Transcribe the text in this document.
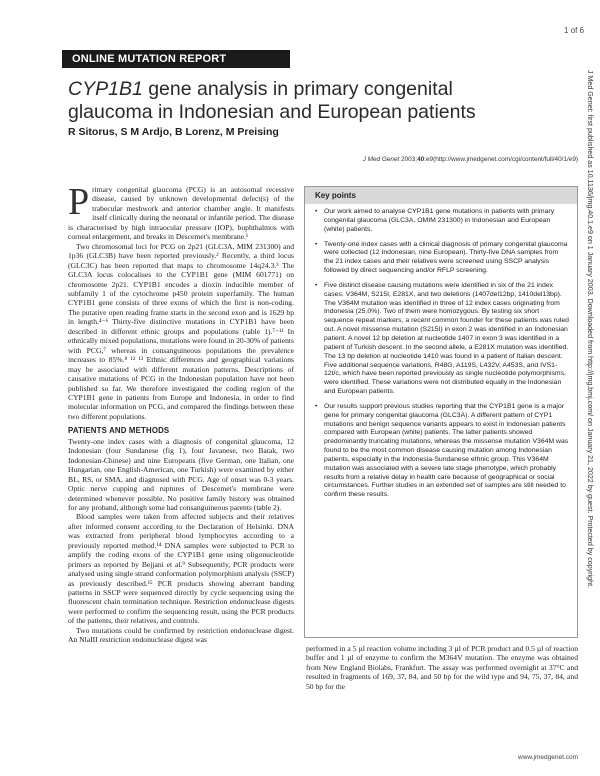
1 of 6
ONLINE MUTATION REPORT
CYP1B1 gene analysis in primary congenital glaucoma in Indonesian and European patients
R Sitorus, S M Ardjo, B Lorenz, M Preising
J Med Genet 2003;40:e9(http://www.jmedgenet.com/cgi/content/full/40/1/e9) J Med Genet: first published as 10.1136/jmg.40.1.e9 on 1 January 2003. Downloaded from http://jmg.bmj.com/ on January 21, 2022 by guest. Protected by copyright.

Primary congenital glaucoma (PCG) is an autosomal recessive disease, caused by unknown developmental defect(s) of the trabecular meshwork and anterior chamber angle. It manifests itself clinically during the neonatal or infantile period. The disease is characterised by high intraocular pressure (IOP), buphthalmos with corneal enlargement, and breaks in Descemet's membrane.¹

Two chromosomal loci for PCG on 2p21 (GLC3A, MIM 231300) and 1p36 (GLC3B) have been reported previously.² Recently, a third locus (GLC3C) has been reported that maps to chromosome 14q24.3.³ The GLC3A locus colocalises to the CYP1B1 gene (MIM 601771) on chromosome 2p21. CYP1B1 encodes a dioxin inducible member of subfamily 1 of the cytochrome p450 protein superfamily. The human CYP1B1 gene consists of three exons of which the first is non-coding. The putative open reading frame starts in the second exon and is 1629 bp in length.⁴⁻⁶ Thirty-five distinctive mutations in CYP1B1 have been described in different ethnic groups and populations (table 1).⁷⁻¹¹ In ethnically mixed populations, mutations were found in 20-30% of patients with PCG,⁷ whereas in consanguineous populations the prevalence increases to 85%.⁸ ¹² ¹³ Ethnic differences and geographical variations may be associated with different mutation patterns. Descriptions of causative mutations of PCG in the Indonesian population have not been published so far. We therefore investigated the coding region of the CYP1B1 gene in patients from Europe and Indonesia, in order to find molecular information on PCG, and compared the findings between these two different populations.

PATIENTS AND METHODS

Twenty-one index cases with a diagnosis of congenital glaucoma, 12 Indonesian (four Sundanese (fig 1), four Javanese, two Batak, two Indonesian-Chinese) and nine Europeans (five German, one Italian, one Hungarian, one English-American, one Turkish) were examined by either BL, RS, or SMA, and diagnosed with PCG. Age of onset was 0-3 years. Optic nerve cupping and ruptures of Descemet's membrane were determined whenever possible. No positive family history was obtained for any proband, although some had consanguineous parents (table 2).

Blood samples were taken from affected subjects and their relatives after informed consent according to the Declaration of Helsinki. DNA was extracted from peripheral blood lymphocytes according to a previously reported method.¹⁴ DNA samples were subjected to PCR to amplify the coding exons of the CYP1B1 gene using oligonucleotide primers as reported by Bejjani et al.⁹ Subsequently, PCR products were analysed using single strand conformation polymorphism analysis (SSCP) as previously described.¹⁵ PCR products showing aberrant banding patterns in SSCP were sequenced directly by cycle sequencing using the fluorescent chain termination technique. Restriction endonuclease digests were performed to confirm the sequencing result, using the PCR products of the patients, their relatives, and controls.

Two mutations could be confirmed by restriction endonuclease digest. An NlaIII restriction endonuclease digest was

Key points
• Our work aimed to analyse CYP1B1 gene mutations in patients with primary congenital glaucoma (GLC3A, OMIM 231300) in Indonesian and European (white) patients.
• Twenty-one index cases with a clinical diagnosis of primary congenital glaucoma were collected (12 Indonesian, nine European). Thirty-five DNA samples from the 21 index cases and their relatives were screened using SSCP analysis followed by direct sequencing and/or RFLP screening.
• Five distinct disease causing mutations were identified in six of the 21 index cases: V364M, S215I, E281X, and two deletions (1407del12bp, 1410del13bp). The V364M mutation was identified in three of 12 index cases originating from Indonesia (25.0%). Two of them were homozygous. By testing six short sequence repeat markers, a recent common founder for these patients was ruled out. A novel missense mutation (S215I) in exon 2 was identified in an Indonesian patient. A novel 12 bp deletion at nucleotide 1407 in exon 3 was identified in a patient of Turkish descent. In the second allele, a E281X mutation was identified. The 13 bp deletion at nucleotide 1410 was found in a patient of Italian descent. Five additional sequence variations, R48G, A119S, L432V, A453S, and IVS1-12t/c, which have been reported previously as single nucleotide polymorphisms, were identified. These variations were not distributed equally in the Indonesian and European patients.
• Our results support previous studies reporting that the CYP1B1 gene is a major gene for primary congenital glaucoma (GLC3A). A different pattern of CYP1 mutations and benign sequence variants appears to exist in Indonesian patients compared with European (white) patients. The latter patients showed predominantly truncating mutations, whereas the missense mutation V364M was found to be the most common disease causing mutation among Indonesian patients, especially in the Indonesia-Sundanese ethnic group. This V364M mutation was associated with a severe late stage phenotype, which probably results from a relative delay in health care because of geographical or social circumstances. Further studies in an extended set of samples are still needed to confirm these results.

performed in a 5 µl reaction volume including 3 µl of PCR product and 0.5 µl of reaction buffer and 1 µl of enzyme to confirm the M364V mutation. The enzyme was obtained from New England Biolabs, Frankfurt. The assay was performed overnight at 37°C and resulted in fragments of 169, 37, 84, and 50 bp for the wild type and 94, 75, 37, 84, and 50 bp for the

www.jmedgenet.com
